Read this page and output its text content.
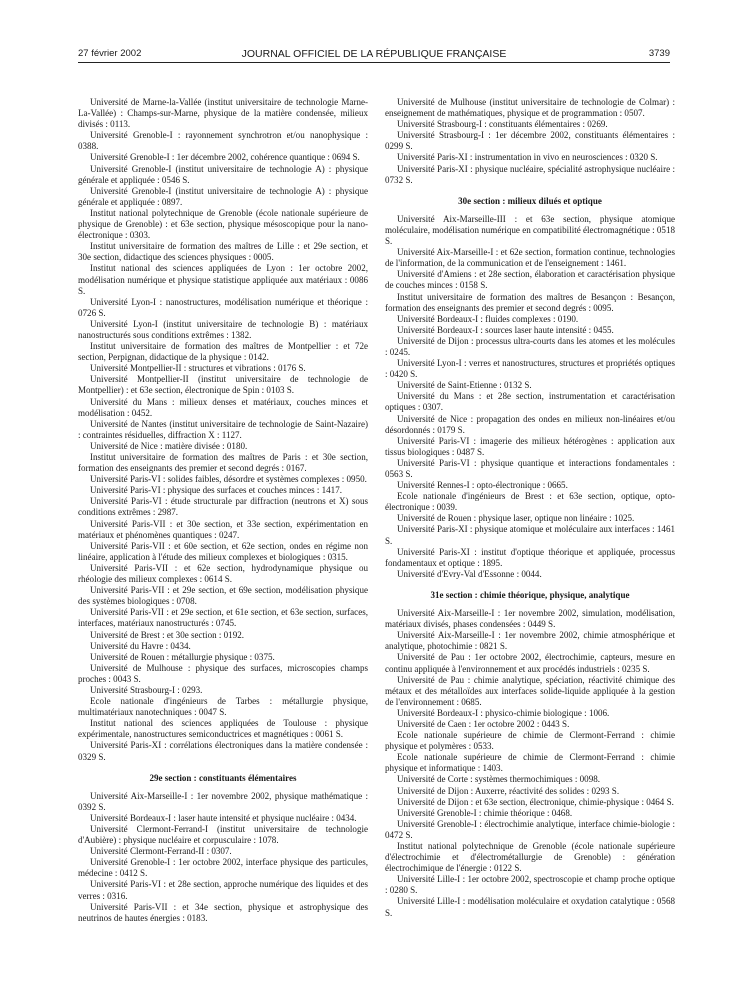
27 février 2002	JOURNAL OFFICIEL DE LA RÉPUBLIQUE FRANÇAISE	3739

Université de Marne-la-Vallée (institut universitaire de technologie Marne-La-Vallée) : Champs-sur-Marne, physique de la matière condensée, milieux divisés : 0113.

Université Grenoble-I : rayonnement synchrotron et/ou nanophysique : 0388.

Université Grenoble-I : 1er décembre 2002, cohérence quantique : 0694 S.

Université Grenoble-I (institut universitaire de technologie A) : physique générale et appliquée : 0546 S.

Université Grenoble-I (institut universitaire de technologie A) : physique générale et appliquée : 0897.

Institut national polytechnique de Grenoble (école nationale supérieure de physique de Grenoble) : et 63e section, physique mésoscopique pour la nano-électronique : 0303.

Institut universitaire de formation des maîtres de Lille : et 29e section, et 30e section, didactique des sciences physiques : 0005.

Institut national des sciences appliquées de Lyon : 1er octobre 2002, modélisation numérique et physique statistique appliquée aux matériaux : 0086 S.

Université Lyon-I : nanostructures, modélisation numérique et théorique : 0726 S.

Université Lyon-I (institut universitaire de technologie B) : matériaux nanostructurés sous conditions extrêmes : 1382.

Institut universitaire de formation des maîtres de Montpellier : et 72e section, Perpignan, didactique de la physique : 0142.

Université Montpellier-II : structures et vibrations : 0176 S.

Université Montpellier-II (institut universitaire de technologie de Montpellier) : et 63e section, électronique de Spin : 0103 S.

Université du Mans : milieux denses et matériaux, couches minces et modélisation : 0452.

Université de Nantes (institut universitaire de technologie de Saint-Nazaire) : contraintes résiduelles, diffraction X : 1127.

Université de Nice : matière divisée : 0180.

Institut universitaire de formation des maîtres de Paris : et 30e section, formation des enseignants des premier et second degrés : 0167.

Université Paris-VI : solides faibles, désordre et systèmes complexes : 0950.

Université Paris-VI : physique des surfaces et couches minces : 1417.

Université Paris-VI : étude structurale par diffraction (neutrons et X) sous conditions extrêmes : 2987.

Université Paris-VII : et 30e section, et 33e section, expérimentation en matériaux et phénomènes quantiques : 0247.

Université Paris-VII : et 60e section, et 62e section, ondes en régime non linéaire, application à l'étude des milieux complexes et biologiques : 0315.

Université Paris-VII : et 62e section, hydrodynamique physique ou rhéologie des milieux complexes : 0614 S.

Université Paris-VII : et 29e section, et 69e section, modélisation physique des systèmes biologiques : 0708.

Université Paris-VII : et 29e section, et 61e section, et 63e section, surfaces, interfaces, matériaux nanostructurés : 0745.

Université de Brest : et 30e section : 0192.

Université du Havre : 0434.

Université de Rouen : métallurgie physique : 0375.

Université de Mulhouse : physique des surfaces, microscopies champs proches : 0043 S.

Université Strasbourg-I : 0293.

Ecole nationale d'ingénieurs de Tarbes : métallurgie physique, multimatériaux nanotechniques : 0047 S.

Institut national des sciences appliquées de Toulouse : physique expérimentale, nanostructures semiconductrices et magnétiques : 0061 S.

Université Paris-XI : corrélations électroniques dans la matière condensée : 0329 S.

29e section : constituants élémentaires

Université Aix-Marseille-I : 1er novembre 2002, physique mathématique : 0392 S.

Université Bordeaux-I : laser haute intensité et physique nucléaire : 0434.

Université Clermont-Ferrand-I (institut universitaire de technologie d'Aubière) : physique nucléaire et corpusculaire : 1078.

Université Clermont-Ferrand-II : 0307.

Université Grenoble-I : 1er octobre 2002, interface physique des particules, médecine : 0412 S.

Université Paris-VI : et 28e section, approche numérique des liquides et des verres : 0316.

Université Paris-VII : et 34e section, physique et astrophysique des neutrinos de hautes énergies : 0183.

Université de Mulhouse (institut universitaire de technologie de Colmar) : enseignement de mathématiques, physique et de programmation : 0507.

Université Strasbourg-I : constituants élémentaires : 0269.

Université Strasbourg-I : 1er décembre 2002, constituants élémentaires : 0299 S.

Université Paris-XI : instrumentation in vivo en neurosciences : 0320 S.

Université Paris-XI : physique nucléaire, spécialité astrophysique nucléaire : 0732 S.

30e section : milieux dilués et optique

Université Aix-Marseille-III : et 63e section, physique atomique moléculaire, modélisation numérique en compatibilité électromagnétique : 0518 S.

Université Aix-Marseille-I : et 62e section, formation continue, technologies de l'information, de la communication et de l'enseignement : 1461.

Université d'Amiens : et 28e section, élaboration et caractérisation physique de couches minces : 0158 S.

Institut universitaire de formation des maîtres de Besançon : Besançon, formation des enseignants des premier et second degrés : 0095.

Université Bordeaux-I : fluides complexes : 0190.

Université Bordeaux-I : sources laser haute intensité : 0455.

Université de Dijon : processus ultra-courts dans les atomes et les molécules : 0245.

Université Lyon-I : verres et nanostructures, structures et propriétés optiques : 0420 S.

Université de Saint-Etienne : 0132 S.

Université du Mans : et 28e section, instrumentation et caractérisation optiques : 0307.

Université de Nice : propagation des ondes en milieux non-linéaires et/ou désordonnés : 0179 S.

Université Paris-VI : imagerie des milieux hétérogènes : application aux tissus biologiques : 0487 S.

Université Paris-VI : physique quantique et interactions fondamentales : 0563 S.

Université Rennes-I : opto-électronique : 0665.

Ecole nationale d'ingénieurs de Brest : et 63e section, optique, opto-électronique : 0039.

Université de Rouen : physique laser, optique non linéaire : 1025.

Université Paris-XI : physique atomique et moléculaire aux interfaces : 1461 S.

Université Paris-XI : institut d'optique théorique et appliquée, processus fondamentaux et optique : 1895.

Université d'Evry-Val d'Essonne : 0044.

31e section : chimie théorique, physique, analytique

Université Aix-Marseille-I : 1er novembre 2002, simulation, modélisation, matériaux divisés, phases condensées : 0449 S.

Université Aix-Marseille-I : 1er novembre 2002, chimie atmosphérique et analytique, photochimie : 0821 S.

Université de Pau : 1er octobre 2002, électrochimie, capteurs, mesure en continu appliquée à l'environnement et aux procédés industriels : 0235 S.

Université de Pau : chimie analytique, spéciation, réactivité chimique des métaux et des métalloïdes aux interfaces solide-liquide appliquée à la gestion de l'environnement : 0685.

Université Bordeaux-I : physico-chimie biologique : 1006.

Université de Caen : 1er octobre 2002 : 0443 S.

Ecole nationale supérieure de chimie de Clermont-Ferrand : chimie physique et polymères : 0533.

Ecole nationale supérieure de chimie de Clermont-Ferrand : chimie physique et informatique : 1403.

Université de Corte : systèmes thermochimiques : 0098.

Université de Dijon : Auxerre, réactivité des solides : 0293 S.

Université de Dijon : et 63e section, électronique, chimie-physique : 0464 S.

Université Grenoble-I : chimie théorique : 0468.

Université Grenoble-I : électrochimie analytique, interface chimie-biologie : 0472 S.

Institut national polytechnique de Grenoble (école nationale supérieure d'électrochimie et d'électrométallurgie de Grenoble) : génération électrochimique de l'énergie : 0122 S.

Université Lille-I : 1er octobre 2002, spectroscopie et champ proche optique : 0280 S.

Université Lille-I : modélisation moléculaire et oxydation catalytique : 0568 S.
